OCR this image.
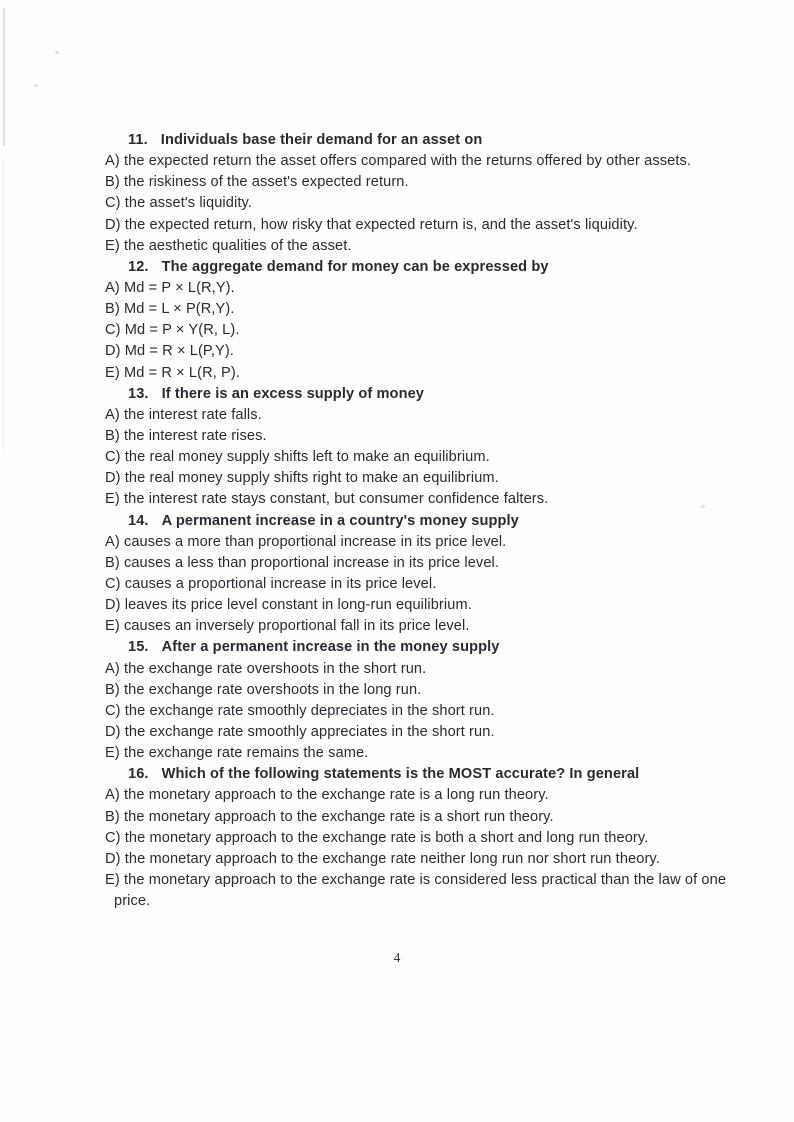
11. Individuals base their demand for an asset on
A) the expected return the asset offers compared with the returns offered by other assets.
B) the riskiness of the asset's expected return.
C) the asset's liquidity.
D) the expected return, how risky that expected return is, and the asset's liquidity.
E) the aesthetic qualities of the asset.
12. The aggregate demand for money can be expressed by
A) Md = P × L(R,Y).
B) Md = L × P(R,Y).
C) Md = P × Y(R, L).
D) Md = R × L(P,Y).
E) Md = R × L(R, P).
13. If there is an excess supply of money
A) the interest rate falls.
B) the interest rate rises.
C) the real money supply shifts left to make an equilibrium.
D) the real money supply shifts right to make an equilibrium.
E) the interest rate stays constant, but consumer confidence falters.
14. A permanent increase in a country's money supply
A) causes a more than proportional increase in its price level.
B) causes a less than proportional increase in its price level.
C) causes a proportional increase in its price level.
D) leaves its price level constant in long-run equilibrium.
E) causes an inversely proportional fall in its price level.
15. After a permanent increase in the money supply
A) the exchange rate overshoots in the short run.
B) the exchange rate overshoots in the long run.
C) the exchange rate smoothly depreciates in the short run.
D) the exchange rate smoothly appreciates in the short run.
E) the exchange rate remains the same.
16. Which of the following statements is the MOST accurate? In general
A) the monetary approach to the exchange rate is a long run theory.
B) the monetary approach to the exchange rate is a short run theory.
C) the monetary approach to the exchange rate is both a short and long run theory.
D) the monetary approach to the exchange rate neither long run nor short run theory.
E) the monetary approach to the exchange rate is considered less practical than the law of one
price.
4
